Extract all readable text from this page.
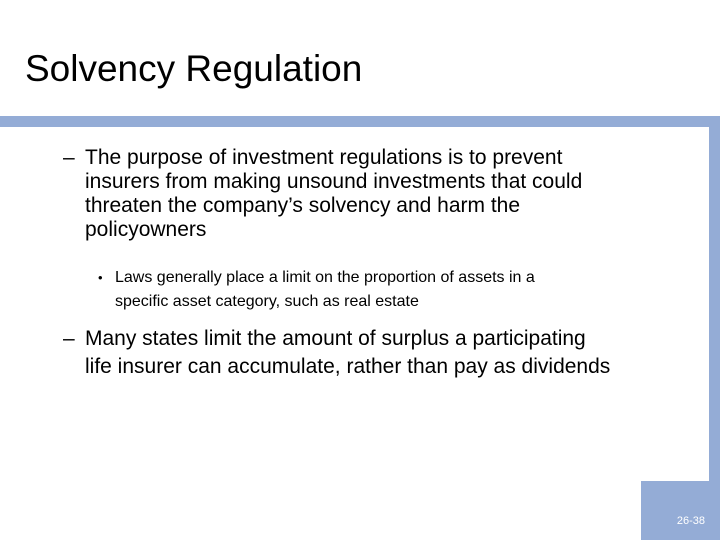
Solvency Regulation
26-38
– The purpose of investment regulations is to prevent
insurers from making unsound investments that could
threaten the company’s solvency and harm the
policyowners
• Laws generally place a limit on the proportion of assets in a
specific asset category, such as real estate
– Many states limit the amount of surplus a participating
life insurer can accumulate, rather than pay as dividends
